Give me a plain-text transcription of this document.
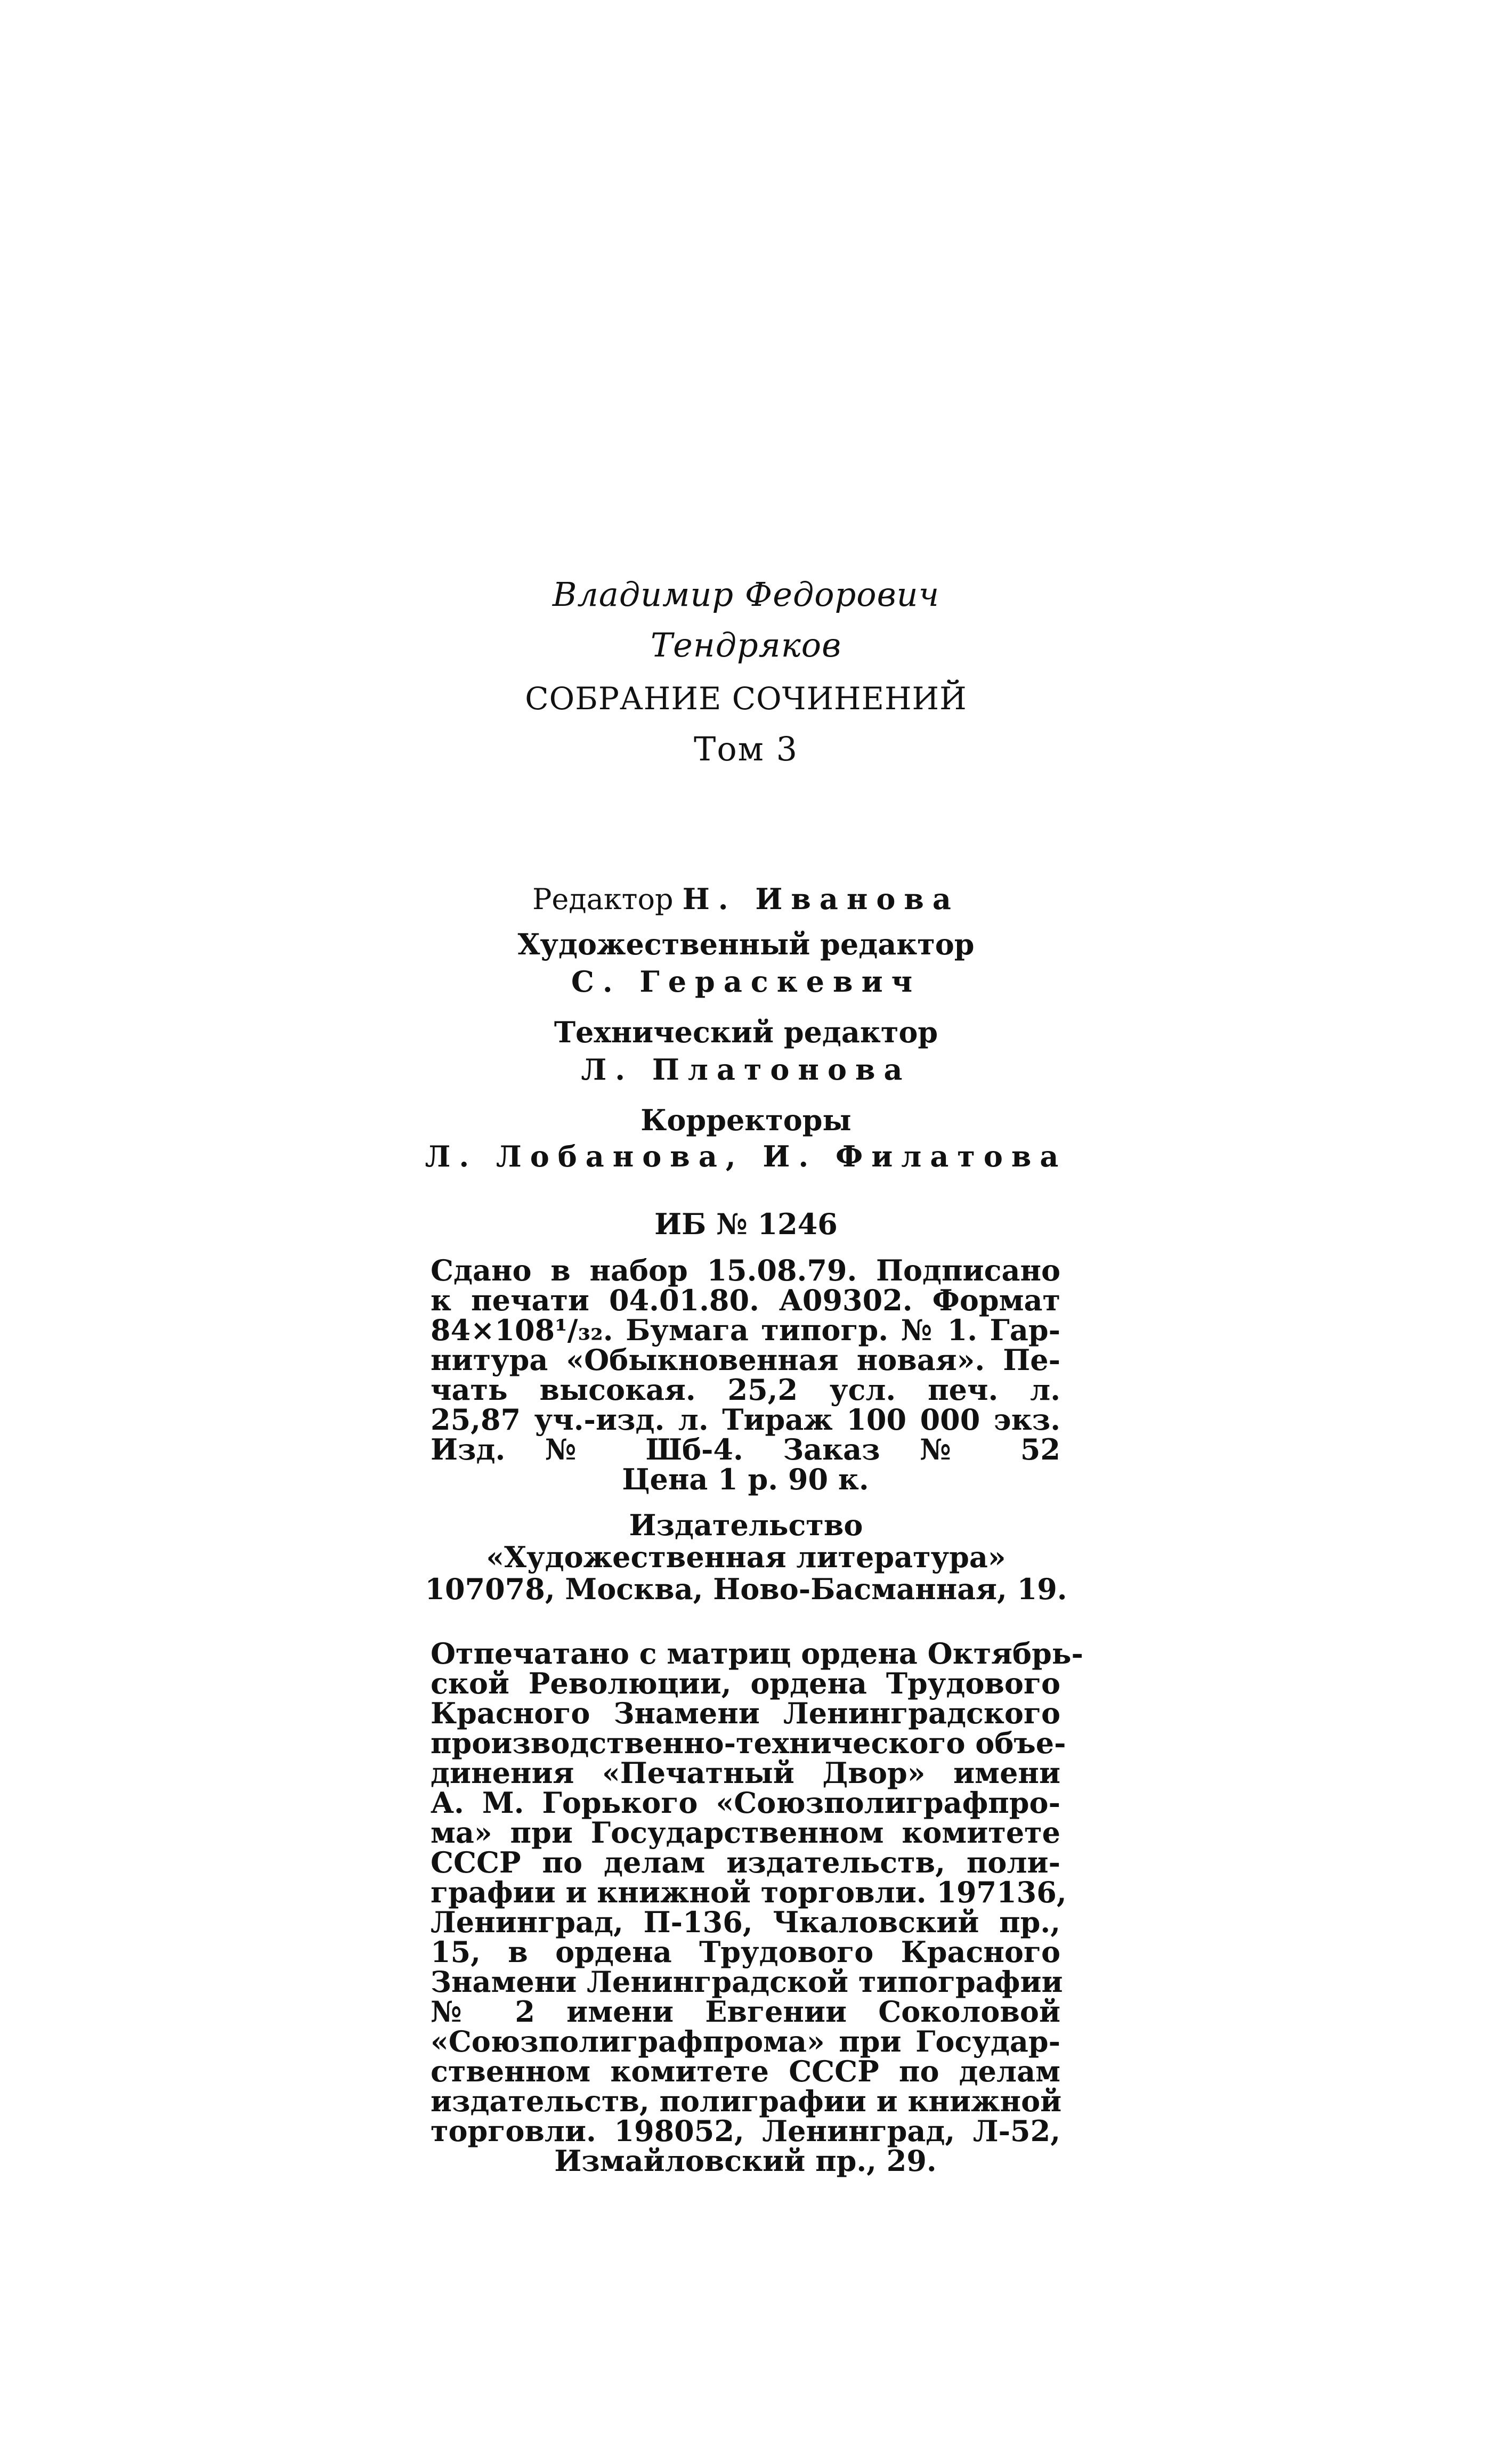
Владимир Федорович

Тендряков

СОБРАНИЕ СОЧИНЕНИЙ

Том 3

Редактор Н. Иванова

Художественный редактор

С. Гераскевич

Технический редактор

Л. Платонова

Корректоры

Л. Лобанова, И. Филатова

ИБ № 1246

Сдано в набор 15.08.79. Подписано
к печати 04.01.80. А09302. Формат
84×108¹/₃₂. Бумага типогр. № 1. Гар-
нитура «Обыкновенная новая». Пе-
чать высокая. 25,2 усл. печ. л.
25,87 уч.-изд. л. Тираж 100 000 экз.
Изд. № Шб-4. Заказ № 52
Цена 1 р. 90 к.

Издательство

«Художественная литература»

107078, Москва, Ново-Басманная, 19.

Отпечатано с матриц ордена Октябрь-
ской Революции, ордена Трудового
Красного Знамени Ленинградского
производственно-технического объе-
динения «Печатный Двор» имени
А. М. Горького «Союзполиграфпро-
ма» при Государственном комитете
СССР по делам издательств, поли-
графии и книжной торговли. 197136,
Ленинград, П-136, Чкаловский пр.,
15, в ордена Трудового Красного
Знамени Ленинградской типографии
№ 2 имени Евгении Соколовой
«Союзполиграфпрома» при Государ-
ственном комитете СССР по делам
издательств, полиграфии и книжной
торговли. 198052, Ленинград, Л-52,
Измайловский пр., 29.
